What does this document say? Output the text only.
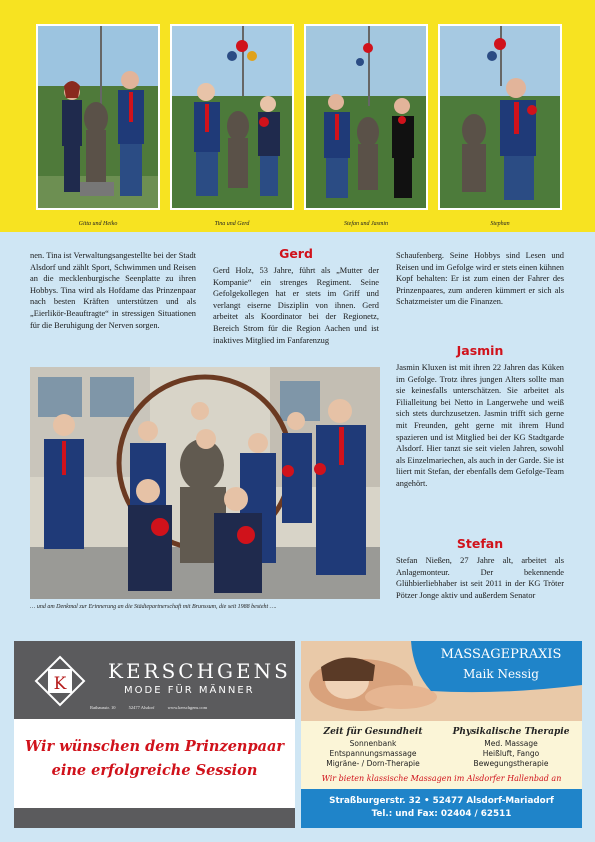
Gitta und Heiko	Tina und Gerd	Stefan und Jasmin	Stephan
nen. Tina ist Verwaltungsangestellte bei der Stadt Alsdorf und zählt Sport, Schwimmen und Reisen an die mecklenburgische Seenplatte zu ihren Hobbys. Tina wird als Hofdame das Prinzenpaar nach besten Kräften unterstützen und als „Eierlikör-Beauftragte“ in stressigen Situationen für die Beruhigung der Nerven sorgen.
Gerd
Gerd Holz, 53 Jahre, führt als „Mutter der Kompanie“ ein strenges Regiment. Seine Gefolgekollegen hat er stets im Griff und verlangt eiserne Disziplin von ihnen. Gerd arbeitet als Koordinator bei der Regionetz, Bereich Strom für die Region Aachen und ist inaktives Mitglied im Fanfarenzug
Schaufenberg. Seine Hobbys sind Lesen und Reisen und im Gefolge wird er stets einen kühnen Kopf behalten: Er ist zum einen der Fahrer des Prinzenpaares, zum anderen kümmert er sich als Schatzmeister um die Finanzen.
Jasmin
Jasmin Kluxen ist mit ihren 22 Jahren das Küken im Gefolge. Trotz ihres jungen Alters sollte man sie keinesfalls unterschätzen. Sie arbeitet als Filialleitung bei Netto in Langerwehe und weiß sich stets durchzusetzen. Jasmin trifft sich gerne mit Freunden, geht gerne mit ihrem Hund spazieren und ist Mitglied bei der KG Stadtgarde Alsdorf. Hier tanzt sie seit vielen Jahren, sowohl als Einzelmariechen, als auch in der Garde. Sie ist liiert mit Stefan, der ebenfalls dem Gefolge-Team angehört.
Stefan
Stefan Nießen, 27 Jahre alt, arbeitet als Anlagemonteur. Der bekennende Glühbierliebhaber ist seit 2011 in der KG Tröter Pötzer Jonge aktiv und außerdem Senator
… und am Denkmal zur Erinnerung an die Städtepartnerschaft mit Brunssum, die seit 1988 besteht ….
K
KERSCHGENS
MODE FÜR MÄNNER
Rathausstr. 10	52477 Alsdorf	www.kerschgens.com
Wir wünschen dem Prinzenpaar
eine erfolgreiche Session
MASSAGEPRAXIS
Maik Nessig
Zeit für Gesundheit
Sonnenbank
Entspannungsmassage
Migräne- / Dorn-Therapie
Physikalische Therapie
Med. Massage
Heißluft, Fango
Bewegungstherapie
Wir bieten klassische Massagen im Alsdorfer Hallenbad an
Straßburgerstr. 32 • 52477 Alsdorf-Mariadorf
Tel.: und Fax: 02404 / 62511
